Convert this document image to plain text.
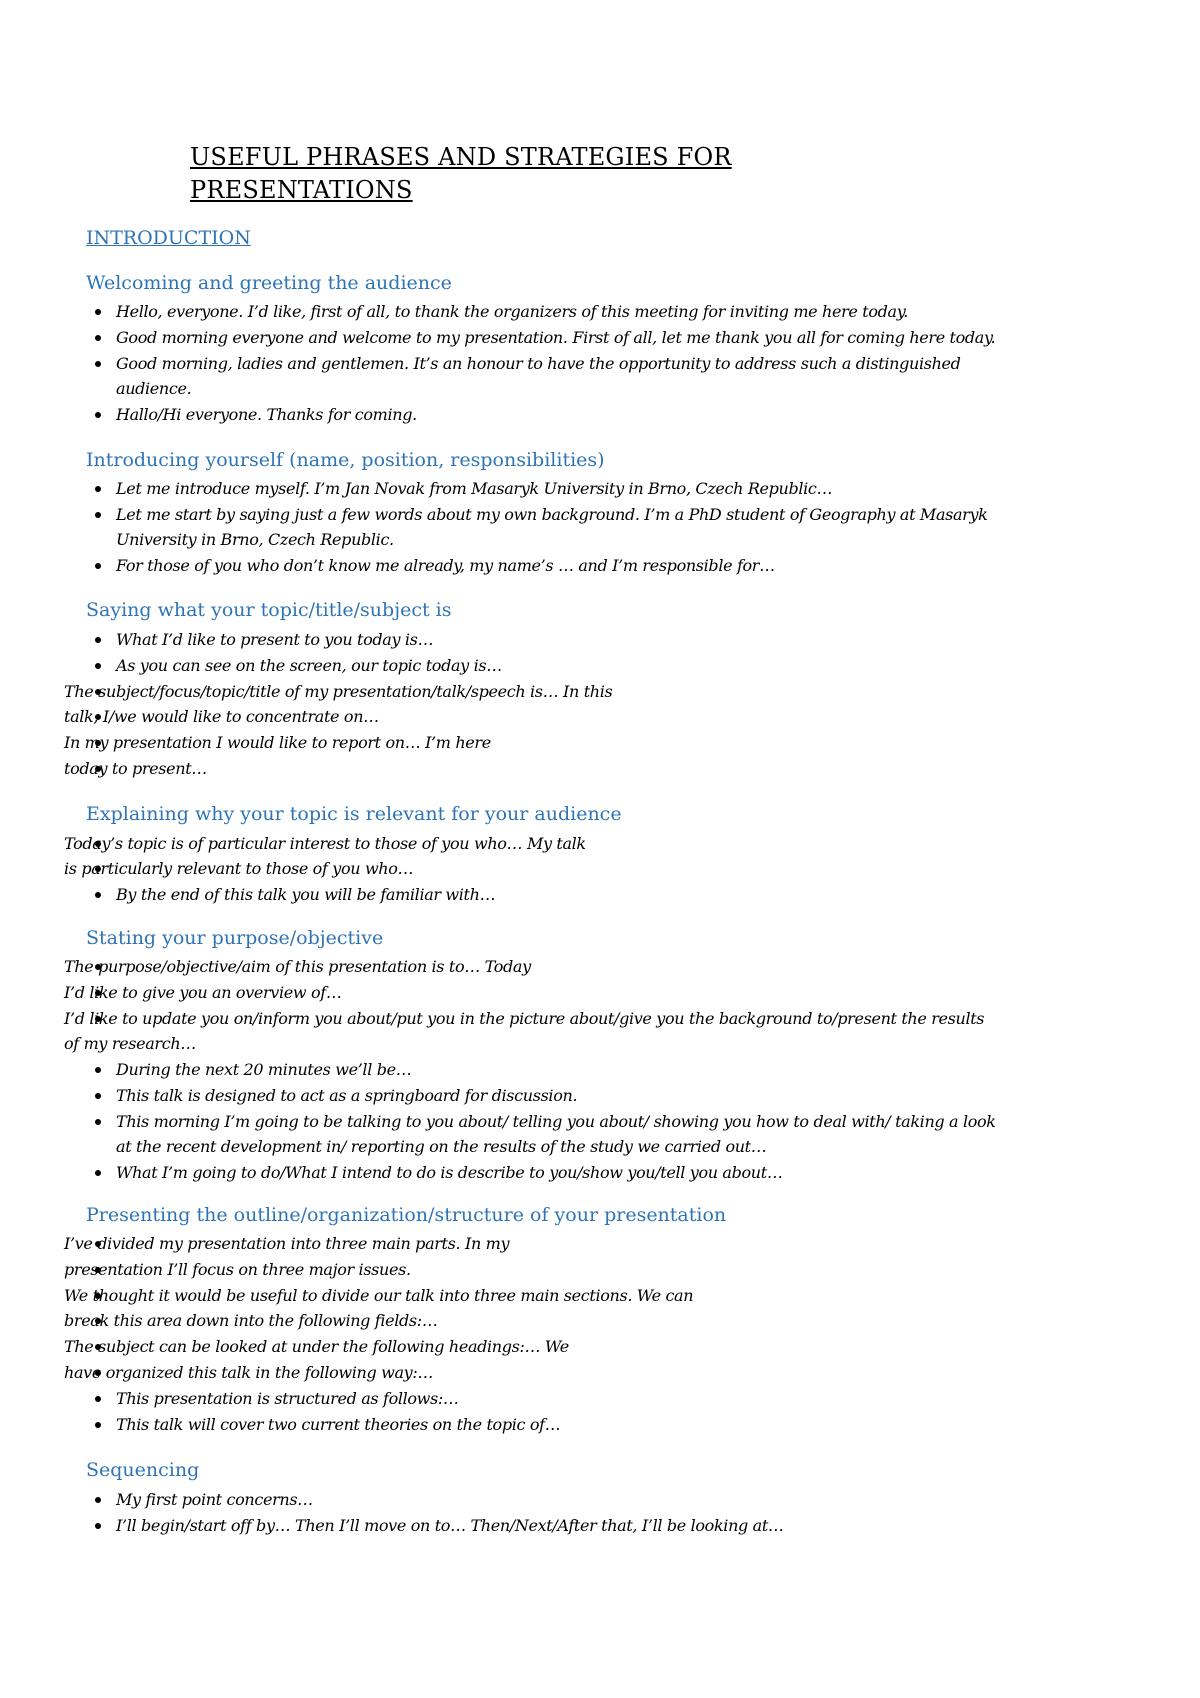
USEFUL PHRASES AND STRATEGIES FOR
PRESENTATIONS
INTRODUCTION
Welcoming and greeting the audience
Hello, everyone. I’d like, first of all, to thank the organizers of this meeting for inviting me here today.
Good morning everyone and welcome to my presentation. First of all, let me thank you all for coming here today.
Good morning, ladies and gentlemen. It’s an honour to have the opportunity to address such a distinguished
audience.
Hallo/Hi everyone. Thanks for coming.
Introducing yourself (name, position, responsibilities)
Let me introduce myself. I’m Jan Novak from Masaryk University in Brno, Czech Republic…
Let me start by saying just a few words about my own background. I’m a PhD student of Geography at Masaryk
University in Brno, Czech Republic.
For those of you who don’t know me already, my name’s … and I’m responsible for…
Saying what your topic/title/subject is
What I’d like to present to you today is…
As you can see on the screen, our topic today is…
The subject/focus/topic/title of my presentation/talk/speech is… In this
talk, I/we would like to concentrate on…
In my presentation I would like to report on… I’m here
today to present…
Explaining why your topic is relevant for your audience
Today’s topic is of particular interest to those of you who… My talk
is particularly relevant to those of you who…
By the end of this talk you will be familiar with…
Stating your purpose/objective
The purpose/objective/aim of this presentation is to… Today
I’d like to give you an overview of…
I’d like to update you on/inform you about/put you in the picture about/give you the background to/present the results
of my research…
During the next 20 minutes we’ll be…
This talk is designed to act as a springboard for discussion.
This morning I’m going to be talking to you about/ telling you about/ showing you how to deal with/ taking a look
at the recent development in/ reporting on the results of the study we carried out…
What I’m going to do/What I intend to do is describe to you/show you/tell you about…
Presenting the outline/organization/structure of your presentation
I’ve divided my presentation into three main parts. In my
presentation I’ll focus on three major issues.
We thought it would be useful to divide our talk into three main sections. We can
break this area down into the following fields:…
The subject can be looked at under the following headings:… We
have organized this talk in the following way:…
This presentation is structured as follows:…
This talk will cover two current theories on the topic of…
Sequencing
My first point concerns…
I’ll begin/start off by… Then I’ll move on to… Then/Next/After that, I’ll be looking at…
